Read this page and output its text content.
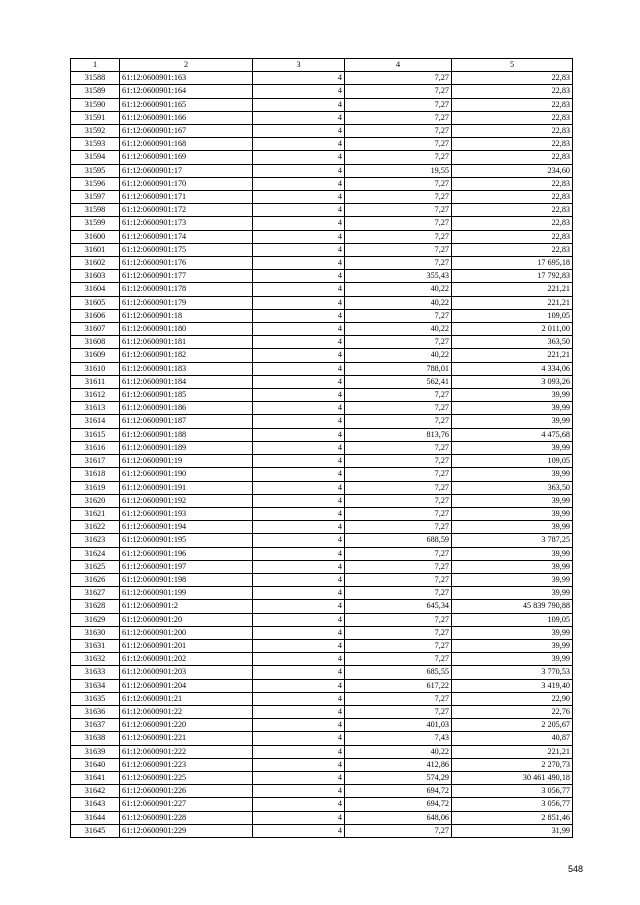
1	2	3	4	5
31588	61:12:0600901:163	4	7,27	22,83
31589	61:12:0600901:164	4	7,27	22,83
31590	61:12:0600901:165	4	7,27	22,83
31591	61:12:0600901:166	4	7,27	22,83
31592	61:12:0600901:167	4	7,27	22,83
31593	61:12:0600901:168	4	7,27	22,83
31594	61:12:0600901:169	4	7,27	22,83
31595	61:12:0600901:17	4	19,55	234,60
31596	61:12:0600901:170	4	7,27	22,83
31597	61:12:0600901:171	4	7,27	22,83
31598	61:12:0600901:172	4	7,27	22,83
31599	61:12:0600901:173	4	7,27	22,83
31600	61:12:0600901:174	4	7,27	22,83
31601	61:12:0600901:175	4	7,27	22,83
31602	61:12:0600901:176	4	7,27	17 695,18
31603	61:12:0600901:177	4	355,43	17 792,83
31604	61:12:0600901:178	4	40,22	221,21
31605	61:12:0600901:179	4	40,22	221,21
31606	61:12:0600901:18	4	7,27	109,05
31607	61:12:0600901:180	4	40,22	2 011,00
31608	61:12:0600901:181	4	7,27	363,50
31609	61:12:0600901:182	4	40,22	221,21
31610	61:12:0600901:183	4	788,01	4 334,06
31611	61:12:0600901:184	4	562,41	3 093,26
31612	61:12:0600901:185	4	7,27	39,99
31613	61:12:0600901:186	4	7,27	39,99
31614	61:12:0600901:187	4	7,27	39,99
31615	61:12:0600901:188	4	813,76	4 475,68
31616	61:12:0600901:189	4	7,27	39,99
31617	61:12:0600901:19	4	7,27	109,05
31618	61:12:0600901:190	4	7,27	39,99
31619	61:12:0600901:191	4	7,27	363,50
31620	61:12:0600901:192	4	7,27	39,99
31621	61:12:0600901:193	4	7,27	39,99
31622	61:12:0600901:194	4	7,27	39,99
31623	61:12:0600901:195	4	688,59	3 787,25
31624	61:12:0600901:196	4	7,27	39,99
31625	61:12:0600901:197	4	7,27	39,99
31626	61:12:0600901:198	4	7,27	39,99
31627	61:12:0600901:199	4	7,27	39,99
31628	61:12:0600901:2	4	645,34	45 839 790,88
31629	61:12:0600901:20	4	7,27	109,05
31630	61:12:0600901:200	4	7,27	39,99
31631	61:12:0600901:201	4	7,27	39,99
31632	61:12:0600901:202	4	7,27	39,99
31633	61:12:0600901:203	4	685,55	3 770,53
31634	61:12:0600901:204	4	617,22	3 419,40
31635	61:12:0600901:21	4	7,27	22,90
31636	61:12:0600901:22	4	7,27	22,76
31637	61:12:0600901:220	4	401,03	2 205,67
31638	61:12:0600901:221	4	7,43	40,87
31639	61:12:0600901:222	4	40,22	221,21
31640	61:12:0600901:223	4	412,86	2 270,73
31641	61:12:0600901:225	4	574,29	30 461 490,18
31642	61:12:0600901:226	4	694,72	3 056,77
31643	61:12:0600901:227	4	694,72	3 056,77
31644	61:12:0600901:228	4	648,06	2 851,46
31645	61:12:0600901:229	4	7,27	31,99
548
